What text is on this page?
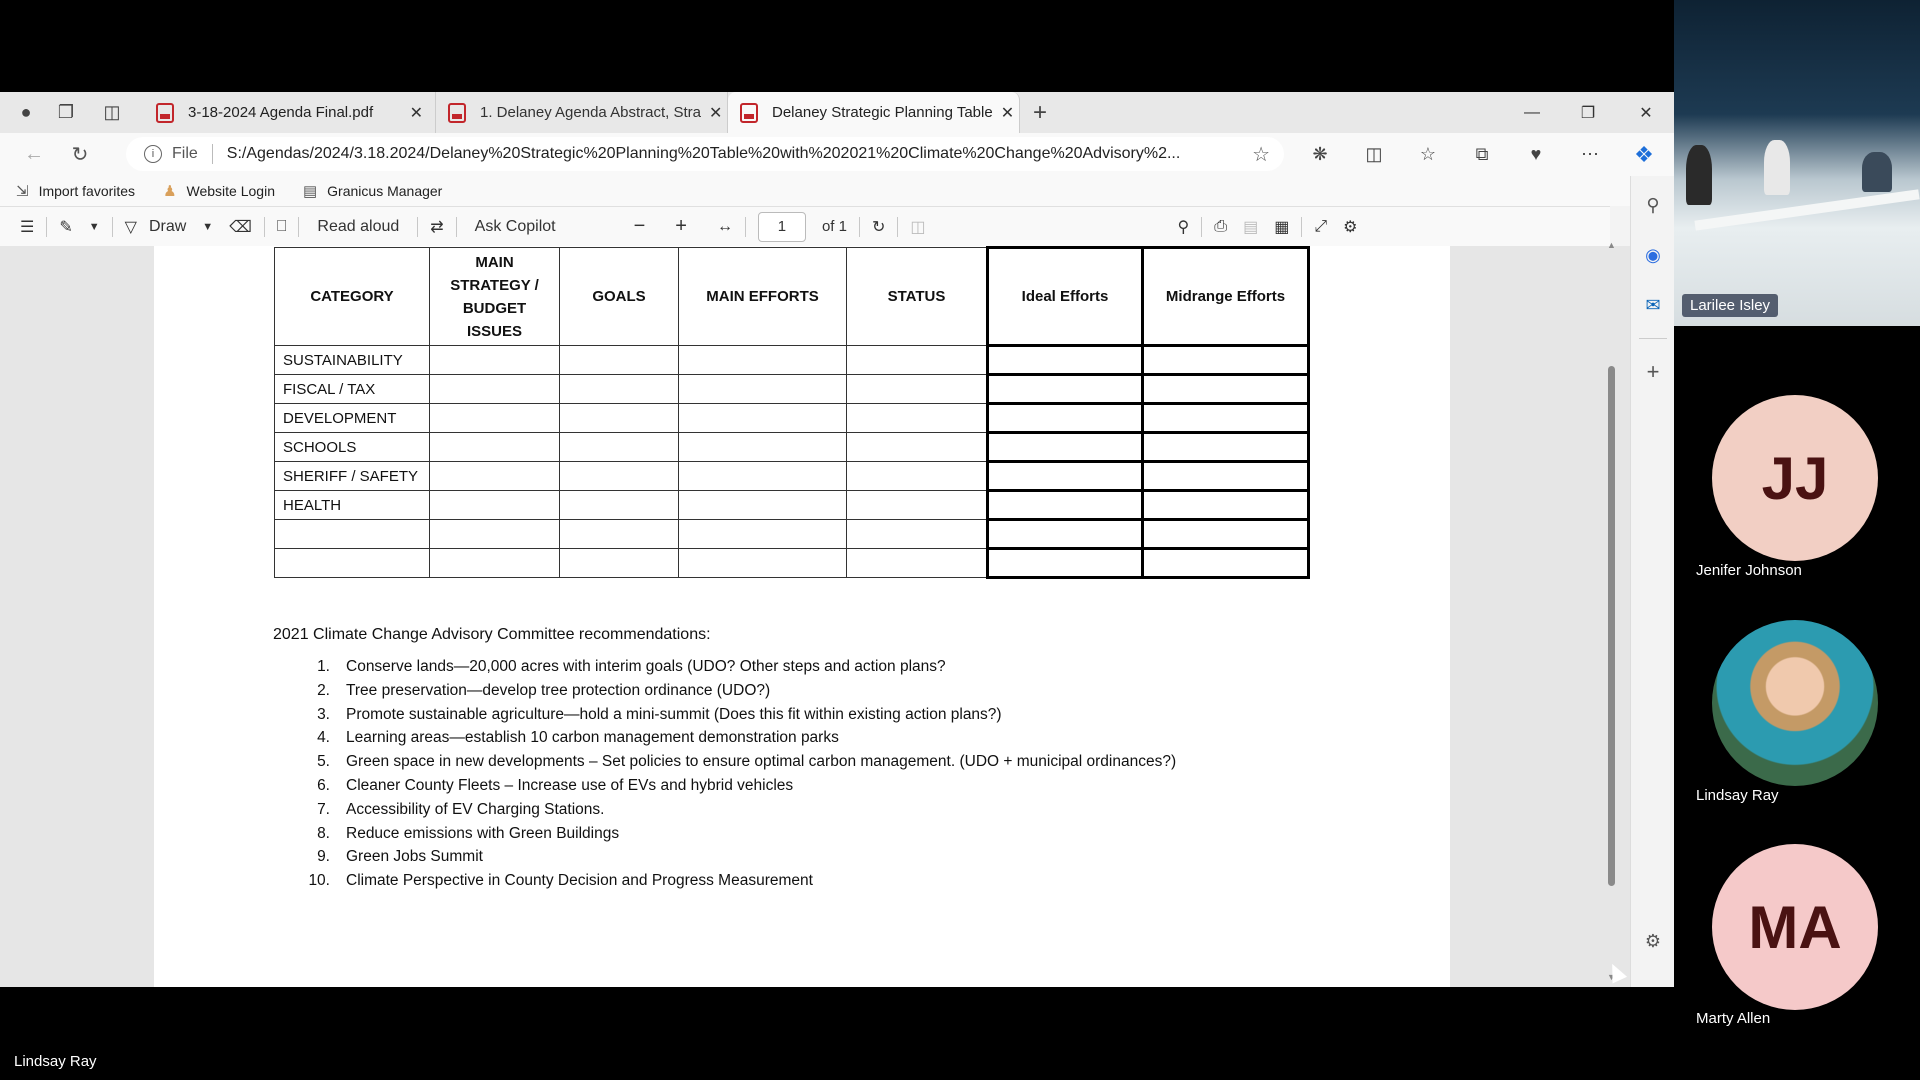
●	❐	◫	3-18-2024 Agenda Final.pdf	✕	1. Delaney Agenda Abstract, Stra ✕	Delaney Strategic Planning Table ✕ +	—	❐	✕
←	↻	i	File S:/Agendas/2024/3.18.2024/Delaney%20Strategic%20Planning%20Table%20with%202021%20Climate%20Change%20Advisory%2...	☆	❋	◫	☆	⧉	♥	⋯	❖
⇲ Import favorites ♟ Website Login ▤ Granicus Manager
☰	✎	▼	▽ Draw	▼	⌫	⎕	Read aloud	⇄	Ask Copilot	−	+	↔	1	of 1	↻	◫	⚲	⎙	▤	▦	⤢	⚙
CATEGORY	MAIN STRATEGY / BUDGET ISSUES	GOALS	MAIN EFFORTS	STATUS	Ideal Efforts	Midrange Efforts
SUSTAINABILITY						
FISCAL / TAX						
DEVELOPMENT						
SCHOOLS						
SHERIFF / SAFETY						
HEALTH						

2021 Climate Change Advisory Committee recommendations:
1. Conserve lands—20,000 acres with interim goals (UDO? Other steps and action plans?
2. Tree preservation—develop tree protection ordinance (UDO?)
3. Promote sustainable agriculture—hold a mini-summit (Does this fit within existing action plans?)
4. Learning areas—establish 10 carbon management demonstration parks
5. Green space in new developments – Set policies to ensure optimal carbon management. (UDO + municipal ordinances?)
6. Cleaner County Fleets – Increase use of EVs and hybrid vehicles
7. Accessibility of EV Charging Stations.
8. Reduce emissions with Green Buildings
9. Green Jobs Summit
10. Climate Perspective in County Decision and Progress Measurement
▲
▼
⚲
◉
✉
+
⚙
Larilee Isley
JJ
Jenifer Johnson
Lindsay Ray
MA
Marty Allen
Lindsay Ray
